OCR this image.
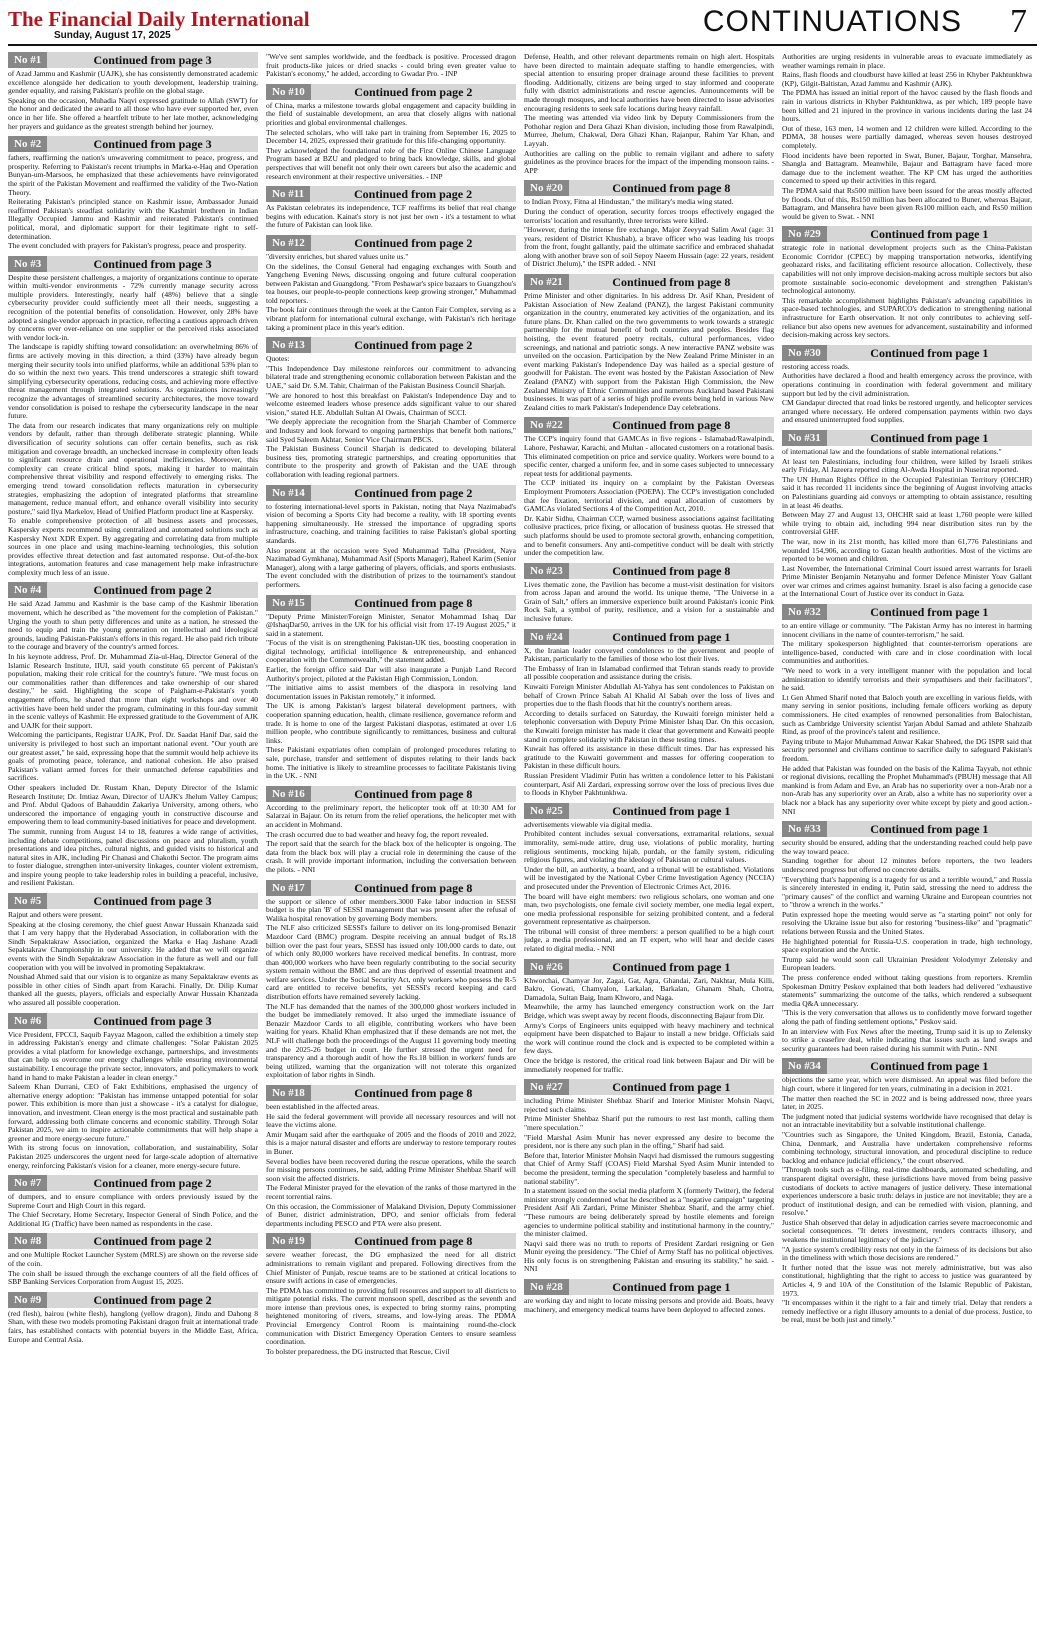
The Financial Daily International
Sunday, August 17, 2025	CONTINUATIONS 7
No #1	Continued from page 3

of Azad Jammu and Kashmir (UAJK), she has consistently demonstrated academic excellence alongside her dedication to youth development, leadership training, gender equality, and raising Pakistan's profile on the global stage.

Speaking on the occasion, Muhadia Naqvi expressed gratitude to Allah (SWT) for the honor and dedicated the award to all those who have ever supported her, even once in her life. She offered a heartfelt tribute to her late mother, acknowledging her prayers and guidance as the greatest strength behind her journey.

No #2	Continued from page 3

fathers, reaffirming the nation's unwavering commitment to peace, progress, and prosperity. Referring to Pakistan's recent triumphs in Marka-e-Haq and Operation Bunyan-um-Marsoos, he emphasized that these achievements have reinvigorated the spirit of the Pakistan Movement and reaffirmed the validity of the Two-Nation Theory.

Reiterating Pakistan's principled stance on Kashmir issue, Ambassador Junaid reaffirmed Pakistan's steadfast solidarity with the Kashmiri brethren in Indian Illegally Occupied Jammu and Kashmir and reiterated Pakistan's continued political, moral, and diplomatic support for their legitimate right to self-determination.

The event concluded with prayers for Pakistan's progress, peace and prosperity.

No #3	Continued from page 3

Despite these persistent challenges, a majority of organizations continue to operate within multi-vendor environments - 72% currently manage security across multiple providers. Interestingly, nearly half (48%) believe that a single cybersecurity provider could sufficiently meet all their needs, suggesting a recognition of the potential benefits of consolidation. However, only 28% have adopted a single-vendor approach in practice, reflecting a cautious approach driven by concerns over over-reliance on one supplier or the perceived risks associated with vendor lock-in.

The landscape is rapidly shifting toward consolidation: an overwhelming 86% of firms are actively moving in this direction, a third (33%) have already begun merging their security tools into unified platforms, while an additional 53% plan to do so within the next two years. This trend underscores a strategic shift toward simplifying cybersecurity operations, reducing costs, and achieving more effective threat management through integrated solutions. As organizations increasingly recognize the advantages of streamlined security architectures, the move toward vendor consolidation is poised to reshape the cybersecurity landscape in the near future.

The data from our research indicates that many organizations rely on multiple vendors by default, rather than through deliberate strategic planning. While diversification of security solutions can offer certain benefits, such as risk mitigation and coverage breadth, an unchecked increase in complexity often leads to significant resource drain and operational inefficiencies. Moreover, this complexity can create critical blind spots, making it harder to maintain comprehensive threat visibility and respond effectively to emerging risks. The emerging trend toward consolidation reflects maturation in cybersecurity strategies, emphasizing the adoption of integrated platforms that streamline management, reduce manual effort, and enhance overall visibility into security posture," said Ilya Markelov, Head of Unified Platform product line at Kaspersky.

To enable comprehensive protection of all business assets and processes, Kaspersky experts recommend using centralized and automated solutions such as Kaspersky Next XDR Expert. By aggregating and correlating data from multiple sources in one place and using machine-learning technologies, this solution provides effective threat detection and fast automated response. Out-of-the-box integrations, automation features and case management help make infrastructure complexity much less of an issue.

No #4	Continued from page 2

He said Azad Jammu and Kashmir is the base camp of the Kashmir liberation movement, which he described as "the movement for the completion of Pakistan." Urging the youth to shun petty differences and unite as a nation, he stressed the need to equip and train the young generation on intellectual and ideological grounds, lauding Pakistan-Pakistan's efforts in this regard. He also paid rich tribute to the courage and bravery of the country's armed forces.

In his keynote address, Prof. Dr. Muhammad Zia-ul-Haq, Director General of the Islamic Research Institute, IIUI, said youth constitute 65 percent of Pakistan's population, making their role critical for the country's future. "We must focus on our commonalities rather than differences and take ownership of our shared destiny," he said. Highlighting the scope of Paigham-e-Pakistan's youth engagement efforts, he shared that more than eight workshops and over 40 activities have been held under the program, culminating in this four-day summit in the scenic valleys of Kashmir. He expressed gratitude to the Government of AJK and UAJK for their support.

Welcoming the participants, Registrar UAJK, Prof. Dr. Saadat Hanif Dar, said the university is privileged to host such an important national event. "Our youth are our greatest asset," he said, expressing hope that the summit would help achieve its goals of promoting peace, tolerance, and national cohesion. He also praised Pakistan's valiant armed forces for their unmatched defense capabilities and sacrifices.

Other speakers included Dr. Rustam Khan, Deputy Director of the Islamic Research Institute; Dr. Imtiaz Awan, Director of UAJK's Jhelum Valley Campus; and Prof. Abdul Qadoos of Bahauddin Zakariya University, among others, who underscored the importance of engaging youth in constructive discourse and empowering them to lead community-based initiatives for peace and development.

The summit, running from August 14 to 18, features a wide range of activities, including debate competitions, panel discussions on peace and pluralism, youth presentations and idea pitches, cultural nights, and guided visits to historical and natural sites in AJK, including Pir Chanasi and Chakothi Sector. The program aims to foster dialogue, strengthen inter-university linkages, counter violent extremism, and inspire young people to take leadership roles in building a peaceful, inclusive, and resilient Pakistan.

No #5	Continued from page 3

Rajput and others were present.

Speaking at the closing ceremony, the chief guest Anwar Hussain Khanzada said that I am very happy that the Hyderabad Association, in collaboration with the Sindh Sepaktakraw Association, organized the Marka e Haq Jashane Azadi Sepaktakraw Championship in our university. He added that we will organize events with the Sindh Sepaktakraw Association in the future as well and our full cooperation with you will be involved in promoting Sepaktakraw.

Noushad Ahmed said that our vision is to organize as many Sepaktakraw events as possible in other cities of Sindh apart from Karachi. Finally, Dr. Dilip Kumar thanked all the guests, players, officials and especially Anwar Hussain Khanzada who assured all possible cooperation.

No #6	Continued from page 3

Vice President, FPCCI, Saquib Fayyaz Magoon, called the exhibition a timely step in addressing Pakistan's energy and climate challenges: "Solar Pakistan 2025 provides a vital platform for knowledge exchange, partnerships, and investments that can help us overcome our energy challenges while ensuring environmental sustainability. I encourage the private sector, innovators, and policymakers to work hand in hand to make Pakistan a leader in clean energy."

Saleem Khan Durrani, CEO of Fakt Exhibitions, emphasised the urgency of alternative energy adoption: "Pakistan has immense untapped potential for solar power. This exhibition is more than just a showcase - it's a catalyst for dialogue, innovation, and investment. Clean energy is the most practical and sustainable path forward, addressing both climate concerns and economic stability. Through Solar Pakistan 2025, we aim to inspire actionable commitments that will help shape a greener and more energy-secure future."

With its strong focus on innovation, collaboration, and sustainability, Solar Pakistan 2025 underscores the urgent need for large-scale adoption of alternative energy, reinforcing Pakistan's vision for a cleaner, more energy-secure future.

No #7	Continued from page 2

of dumpers, and to ensure compliance with orders previously issued by the Supreme Court and High Court in this regard.

The Chief Secretary, Home Secretary, Inspector General of Sindh Police, and the Additional IG (Traffic) have been named as respondents in the case.

No #8	Continued from page 2

and one Multiple Rocket Launcher System (MRLS) are shown on the reverse side of the coin.

The coin shall be issued through the exchange counters of all the field offices of SBP Banking Services Corporation from August 15, 2025.

No #9	Continued from page 2

(red flesh), bairou (white flesh), hanglong (yellow dragon), Jindu and Dahong 8 Shan, with these two models promoting Pakistani dragon fruit at international trade fairs, has established contacts with potential buyers in the Middle East, Africa, Europe and Central Asia.

"We've sent samples worldwide, and the feedback is positive. Processed dragon fruit products-like juices or dried snacks - could bring even greater value to Pakistan's economy," he added, according to Gwadar Pro. - INP

No #10	Continued from page 2

of China, marks a milestone towards global engagement and capacity building in the field of sustainable development, an area that closely aligns with national priorities and global environmental challenges.

The selected scholars, who will take part in training from September 16, 2025 to December 14, 2025, expressed their gratitude for this life-changing opportunity.

They acknowledged the foundational role of the First Online Chinese Language Program based at BZU and pledged to bring back knowledge, skills, and global perspectives that will benefit not only their own careers but also the academic and research environment at their respective universities. - INP

No #11	Continued from page 2

As Pakistan celebrates its independence, TCF reaffirms its belief that real change begins with education. Kainat's story is not just her own - it's a testament to what the future of Pakistan can look like.

No #12	Continued from page 2

"diversity enriches, but shared values unite us."

On the sidelines, the Consul General had engaging exchanges with South and Yangcheng Evening News, discussing ongoing and future cultural cooperation between Pakistan and Guangdong. "From Peshawar's spice bazaars to Guangzhou's tea houses, our people-to-people connections keep growing stronger," Muhammad told reporters.

The book fair continues through the week at the Canton Fair Complex, serving as a vibrant platform for international cultural exchange, with Pakistan's rich heritage taking a prominent place in this year's edition.

No #13	Continued from page 2

Quotes:

"This Independence Day milestone reinforces our commitment to advancing bilateral trade and strengthening economic collaboration between Pakistan and the UAE," said Dr. S.M. Tahir, Chairman of the Pakistan Business Council Sharjah.

"We are honored to host this breakfast on Pakistan's Independence Day and to welcome esteemed leaders whose presence adds significant value to our shared vision," stated H.E. Abdullah Sultan Al Owais, Chairman of SCCI.

"We deeply appreciate the recognition from the Sharjah Chamber of Commerce and Industry and look forward to ongoing partnerships that benefit both nations," said Syed Saleem Akhtar, Senior Vice Chairman PBCS.

The Pakistan Business Council Sharjah is dedicated to developing bilateral business ties, promoting strategic partnerships, and creating opportunities that contribute to the prosperity and growth of Pakistan and the UAE through collaboration with leading regional partners.

No #14	Continued from page 2

to fostering international-level sports in Pakistan, noting that Naya Nazimabad's vision of becoming a Sports City had become a reality, with 18 sporting events happening simultaneously. He stressed the importance of upgrading sports infrastructure, coaching, and training facilities to raise Pakistan's global sporting standards.

Also present at the occasion were Syed Muhammad Talha (President, Naya Nazimabad Gymkhana), Muhammad Asif (Sports Manager), Raheel Karim (Senior Manager), along with a large gathering of players, officials, and sports enthusiasts. The event concluded with the distribution of prizes to the tournament's standout performers.

No #15	Continued from page 8

"Deputy Prime Minister/Foreign Minister, Senator Mohammad Ishaq Dar @IshaqDar50, arrives in the UK for his official visit from 17-19 August 2025," it said in a statement.

"Focus of the visit is on strengthening Pakistan-UK ties, boosting cooperation in digital technology, artificial intelligence & entrepreneurship, and enhanced cooperation with the Commonwealth," the statement added.

Earlier, the foreign office said Dar will also inaugurate a Punjab Land Record Authority's project, piloted at the Pakistan High Commission, London.

"The initiative aims to assist members of the diaspora in resolving land documentation issues in Pakistan remotely," it informed.

The UK is among Pakistan's largest bilateral development partners, with cooperation spanning education, health, climate resilience, governance reform and trade. It is home to one of the largest Pakistani diasporas, estimated at over 1.6 million people, who contribute significantly to remittances, business and cultural links.

These Pakistani expatriates often complain of prolonged procedures relating to sale, purchase, transfer and settlement of disputes relating to their lands back home. The initiative is likely to streamline processes to facilitate Pakistanis living in the UK. - NNI

No #16	Continued from page 8

According to the preliminary report, the helicopter took off at 10:30 AM for Salarzai in Bajaur. On its return from the relief operations, the helicopter met with an accident in Mohmand.

The crash occurred due to bad weather and heavy fog, the report revealed.

The report said that the search for the black box of the helicopter is ongoing. The data from the black box will play a crucial role in determining the cause of the crash. It will provide important information, including the conversation between the pilots. - NNI

No #17	Continued from page 8

the support or silence of other members.3000 Fake labor induction in SESSI budget is the plan 'B' of SESSI management that was present after the refusal of Walika hospital renovation by governing Body members.

The NLF also criticized SESSI's failure to deliver on its long-promised Benazir Mazdoor Card (BMC) program. Despite receiving an annual budget of Rs.18 billion over the past four years, SESSI has issued only 100,000 cards to date, out of which only 80,000 workers have received medical benefits. In contrast, more than 400,000 workers who have been regularly contributing to the social security system remain without the BMC and are thus deprived of essential treatment and welfare services. Under the Social Security Act, only workers who possess the R-5 card are entitled to receive benefits, yet SESSI's record keeping and card distribution efforts have remained severely lacking.

The NLF has demanded that the names of the 300,000 ghost workers included in the budget be immediately removed. It also urged the immediate issuance of Benazir Mazdoor Cards to all eligible, contributing workers who have been waiting for years. Khalid Khan emphasized that if these demands are not met, the NLF will challenge both the proceedings of the August 11 governing body meeting and the 2025-26 budget in court. He further stressed the urgent need for transparency and a thorough audit of how the Rs.18 billion in workers' funds are being utilized, warning that the organization will not tolerate this organized exploitation of labor rights in Sindh.

No #18	Continued from page 8

been established in the affected areas.

He said the federal government will provide all necessary resources and will not leave the victims alone.

Amir Muqam said after the earthquake of 2005 and the floods of 2010 and 2022, this is a major natural disaster and efforts are underway to restore temporary routes in Buner.

Several bodies have been recovered during the rescue operations, while the search for missing persons continues, he said, adding Prime Minister Shehbaz Sharif will soon visit the affected districts.

The Federal Minister prayed for the elevation of the ranks of those martyred in the recent torrential rains.

On this occasion, the Commissioner of Malakand Division, Deputy Commissioner of Buner, district administration, DPO, and senior officials from federal departments including PESCO and PTA were also present.

No #19	Continued from page 8

severe weather forecast, the DG emphasized the need for all district administrations to remain vigilant and prepared. Following directives from the Chief Minister of Punjab, rescue teams are to be stationed at critical locations to ensure swift actions in case of emergencies.

The PDMA has committed to providing full resources and support to all districts to mitigate potential risks. The current monsoon spell, described as the seventh and more intense than previous ones, is expected to bring stormy rains, prompting heightened monitoring of rivers, streams, and low-lying areas. The PDMA Provincial Emergency Control Room is maintaining round-the-clock communication with District Emergency Operation Centers to ensure seamless coordination.

To bolster preparedness, the DG instructed that Rescue, Civil

Defense, Health, and other relevant departments remain on high alert. Hospitals have been directed to maintain adequate staffing to handle emergencies, with special attention to ensuring proper drainage around these facilities to prevent flooding. Additionally, citizens are being urged to stay informed and cooperate fully with district administrations and rescue agencies. Announcements will be made through mosques, and local authorities have been directed to issue advisories encouraging residents to seek safe locations during heavy rainfall.

The meeting was attended via video link by Deputy Commissioners from the Pothohar region and Dera Ghazi Khan division, including those from Rawalpindi, Murree, Jhelum, Chakwal, Dera Ghazi Khan, Rajanpur, Rahim Yar Khan, and Layyah.

Authorities are calling on the public to remain vigilant and adhere to safety guidelines as the province braces for the impact of the impending monsoon rains. - APP

No #20	Continued from page 8

to Indian Proxy, Fitna al Hindustan," the military's media wing stated.

During the conduct of operation, security forces troops effectively engaged the terrorists' location and resultantly, three terrorists were killed.

"However, during the intense fire exchange, Major Zeeyyad Salim Awal (age: 31 years, resident of District Khushab), a brave officer who was leading his troops from the front, fought gallantly, paid the ultimate sacrifice and embraced shahadat along with another brave son of soil Sepoy Naeem Hussain (age: 22 years, resident of District Jhelum)," the ISPR added. - NNI

No #21	Continued from page 8

Prime Minister and other dignitaries. In his address Dr. Asif Khan, President of Pakistan Association of New Zealand (PANZ), the largest Pakistani community organization in the country, enumerated key activities of the organization, and its future plans. Dr. Khan called on the two governments to work towards a strategic partnership for the mutual benefit of both countries and peoples. Besides flag hoisting, the event featured poetry recitals, cultural performances, video screenings, and national and patriotic songs. A new interactive PANZ website was unveiled on the occasion. Participation by the New Zealand Prime Minister in an event marking Pakistan's Independence Day was hailed as a special gesture of goodwill for Pakistan. The event was hosted by the Pakistan Association of New Zealand (PANZ) with support from the Pakistan High Commission, the New Zealand Ministry of Ethnic Communities and numerous Auckland based Pakistani businesses. It was part of a series of high profile events being held in various New Zealand cities to mark Pakistan's Independence Day celebrations.

No #22	Continued from page 8

The CCP's inquiry found that GAMCAs in five regions - Islamabad/Rawalpindi, Lahore, Peshawar, Karachi, and Multan - allocated customers on a rotational basis. This eliminated competition on price and service quality. Workers were bound to a specific center, charged a uniform fee, and in some cases subjected to unnecessary repeat tests for additional payments.

The CCP initiated its inquiry on a complaint by the Pakistan Overseas Employment Promoters Association (POEPA). The CCP's investigation concluded that fee fixation, territorial division, and equal allocation of customers by GAMCAs violated Sections 4 of the Competition Act, 2010.

Dr. Kabir Sidhu, Chairman CCP, warned business associations against facilitating collusive practices, price fixing, or allocation of business quotas. He stressed that such platforms should be used to promote sectoral growth, enhancing competition, and to benefit consumers. Any anti-competitive conduct will be dealt with strictly under the competition law.

No #23	Continued from page 8

Lives thematic zone, the Pavilion has become a must-visit destination for visitors from across Japan and around the world. Its unique theme, "The Universe in a Grain of Salt," offers an immersive experience built around Pakistan's iconic Pink Rock Salt, a symbol of purity, resilience, and a vision for a sustainable and inclusive future.

No #24	Continued from page 1

X, the Iranian leader conveyed condolences to the government and people of Pakistan, particularly to the families of those who lost their lives.

The Embassy of Iran in Islamabad confirmed that Tehran stands ready to provide all possible cooperation and assistance during the crisis.

Kuwaiti Foreign Minister Abdullah Al-Yahya has sent condolences to Pakistan on behalf of Crown Prince Sabah Al Khalid Al Sabah over the loss of lives and properties due to the flash floods that hit the country's northern areas.

According to details surfaced on Saturday, the Kuwaiti foreign minister held a telephonic conversation with Deputy Prime Minister Ishaq Dar. On this occasion, the Kuwaiti foreign minister has made it clear that government and Kuwaiti people stand in complete solidarity with Pakistan in these testing times.

Kuwait has offered its assistance in these difficult times. Dar has expressed his gratitude to the Kuwaiti government and masses for offering cooperation to Pakistan in these difficult hours.

Russian President Vladimir Putin has written a condolence letter to his Pakistani counterpart, Asif Ali Zardari, expressing sorrow over the loss of precious lives due to floods in Khyber Pakhtunkhwa.

No #25	Continued from page 1

advertisements viewable via digital media.

Prohibited content includes sexual conversations, extramarital relations, sexual immorality, semi-nude attire, drug use, violations of public morality, hurting religious sentiments, mocking hijab, purdah, or the family system, ridiculing religious figures, and violating the ideology of Pakistan or cultural values.

Under the bill, an authority, a board, and a tribunal will be established. Violations will be investigated by the National Cyber Crime Investigation Agency (NCCIA) and prosecuted under the Prevention of Electronic Crimes Act, 2016.

The board will have eight members: two religious scholars, one woman and one man, two psychologists, one female civil society member, one media legal expert, one media professional responsible for seizing prohibited content, and a federal government representative as chairperson.

The tribunal will consist of three members: a person qualified to be a high court judge, a media professional, and an IT expert, who will hear and decide cases related to digital media. - NNI

No #26	Continued from page 1

Khworchai, Chamyar Jor, Zagai, Gat, Agra, Ghandai, Zari, Nakhtar, Mula Killi, Bakro, Gowati, Chamyalon, Larkalan, Barkalan, Ghanam Shah, Chotra, Damadola, Sultan Baig, Inam Khworo, and Naga.

Meanwhile, the army has launched emergency construction work on the Jarr Bridge, which was swept away by recent floods, disconnecting Bajaur from Dir.

Army's Corps of Engineers units equipped with heavy machinery and technical equipment have been dispatched to Bajaur to install a new bridge. Officials said the work will continue round the clock and is expected to be completed within a few days.

Once the bridge is restored, the critical road link between Bajaur and Dir will be immediately reopened for traffic.

No #27	Continued from page 1

including Prime Minister Shehbaz Sharif and Interior Minister Mohsin Naqvi, rejected such claims.

Prime Minister Shehbaz Sharif put the rumours to rest last month, calling them "mere speculation."

"Field Marshal Asim Munir has never expressed any desire to become the president, nor is there any such plan in the offing," Sharif had said.

Before that, Interior Minister Mohsin Naqvi had dismissed the rumours suggesting that Chief of Army Staff (COAS) Field Marshal Syed Asim Munir intended to become the president, terming the speculation "completely baseless and harmful to national stability".

In a statement issued on the social media platform X (formerly Twitter), the federal minister strongly condemned what he described as a "negative campaign" targeting President Asif Ali Zardari, Prime Minister Shehbaz Sharif, and the army chief. "These rumours are being deliberately spread by hostile elements and foreign agencies to undermine political stability and institutional harmony in the country," the minister claimed.

Naqvi said there was no truth to reports of President Zardari resigning or Gen Munir eyeing the presidency. "The Chief of Army Staff has no political objectives. His only focus is on strengthening Pakistan and ensuring its stability," he said. - NNI

No #28	Continued from page 1

are working day and night to locate missing persons and provide aid. Boats, heavy machinery, and emergency medical teams have been deployed to affected zones.

Authorities are urging residents in vulnerable areas to evacuate immediately as weather warnings remain in place.

Rains, flash floods and cloudburst have killed at least 256 in Khyber Pakhtunkhwa (KP), Gilgit-Baltistan, Azad Jammu and Kashmir (AJK).

The PDMA has issued an initial report of the havoc caused by the flash floods and rain in various districts in Khyber Pakhtunkhwa, as per which, 189 people have been killed and 21 injured in the province in various incidents during the last 24 hours.

Out of these, 163 men, 14 women and 12 children were killed. According to the PDMA, 38 houses were partially damaged, whereas seven houses destroyed completely.

Flood incidents have been reported in Swat, Buner, Bajaur, Torghar, Mansehra, Shangla and Battagram. Meanwhile, Bajaur and Battagram have faced more damage due to the inclement weather. The KP CM has urged the authorities concerned to speed up their activities in this regard.

The PDMA said that Rs500 million have been issued for the areas mostly affected by floods. Out of this, Rs150 million has been allocated to Buner, whereas Bajaur, Battagram, and Mansehra have been given Rs100 million each, and Rs50 million would be given to Swat. - NNI

No #29	Continued from page 1

strategic role in national development projects such as the China-Pakistan Economic Corridor (CPEC) by mapping transportation networks, identifying geohazard risks, and facilitating efficient resource allocation. Collectively, these capabilities will not only improve decision-making across multiple sectors but also promote sustainable socio-economic development and strengthen Pakistan's technological autonomy.

This remarkable accomplishment highlights Pakistan's advancing capabilities in space-based technologies, and SUPARCO's dedication to strengthening national infrastructure for Earth observation. It not only contributes to achieving self-reliance but also opens new avenues for advancement, sustainability and informed decision-making across key sectors.

No #30	Continued from page 1

restoring access roads.

Authorities have declared a flood and health emergency across the province, with operations continuing in coordination with federal government and military support but led by the civil administration.

CM Gandapur directed that road links be restored urgently, and helicopter services arranged where necessary. He ordered compensation payments within two days and ensured uninterrupted food supplies.

No #31	Continued from page 1

of international law and the foundations of stable international relations."

At least ten Palestinians, including four children, were killed by Israeli strikes early Friday, Al Jazeera reported citing Al-Awda Hospital in Nuseirat reported.

The UN Human Rights Office in the Occupied Palestinian Territory (OHCHR) said it has recorded 11 incidents since the beginning of August involving attacks on Palestinians guarding aid convoys or attempting to obtain assistance, resulting in at least 46 deaths.

Between May 27 and August 13, OHCHR said at least 1,760 people were killed while trying to obtain aid, including 994 near distribution sites run by the controversial GHF.

The war, now in its 21st month, has killed more than 61,776 Palestinians and wounded 154,906, according to Gazan health authorities. Most of the victims are reported to be women and children.

Last November, the International Criminal Court issued arrest warrants for Israeli Prime Minister Benjamin Netanyahu and former Defence Minister Yoav Gallant over war crimes and crimes against humanity. Israel is also facing a genocide case at the International Court of Justice over its conduct in Gaza.

No #32	Continued from page 1

to an entire village or community. "The Pakistan Army has no interest in harming innocent civilians in the name of counter-terrorism," he said.

The military spokesperson highlighted that counter-terrorism operations are intelligence-based, conducted with care and in close coordination with local communities and authorities.

"We need to work in a very intelligent manner with the population and local administration to identify terrorists and their sympathisers and their facilitators", he said.

Lt Gen Ahmed Sharif noted that Baloch youth are excelling in various fields, with many serving in senior positions, including female officers working as deputy commissioners. He cited examples of renowned personalities from Balochistan, such as Cambridge University scientist Yarjan Abdul Samad and athlete Shahzaib Rind, as proof of the province's talent and resilience.

Paying tribute to Major Muhammad Anwar Kakar Shaheed, the DG ISPR said that security personnel and civilians continue to sacrifice daily to safeguard Pakistan's freedom.

He added that Pakistan was founded on the basis of the Kalima Tayyab, not ethnic or regional divisions, recalling the Prophet Muhammad's (PBUH) message that All mankind is from Adam and Eve, an Arab has no superiority over a non-Arab nor a non-Arab has any superiority over an Arab, also a white has no superiority over a black nor a black has any superiority over white except by piety and good action.- NNI

No #33	Continued from page 1

security should be ensured, adding that the understanding reached could help pave the way toward peace.

Standing together for about 12 minutes before reporters, the two leaders underscored progress but offered no concrete details.

"Everything that's happening is a tragedy for us and a terrible wound," and Russia is sincerely interested in ending it, Putin said, stressing the need to address the "primary causes" of the conflict and warning Ukraine and European countries not to "throw a wrench in the works."

Putin expressed hope the meeting would serve as "a starting point" not only for resolving the Ukraine issue but also for restoring "business-like" and "pragmatic" relations between Russia and the United States.

He highlighted potential for Russia-U.S. cooperation in trade, high technology, space exploration and the Arctic.

Trump said he would soon call Ukrainian President Volodymyr Zelensky and European leaders.

The press conference ended without taking questions from reporters. Kremlin Spokesman Dmitry Peskov explained that both leaders had delivered "exhaustive statements" summarizing the outcome of the talks, which rendered a subsequent media Q&A unnecessary.

"This is the very conversation that allows us to confidently move forward together along the path of finding settlement options," Peskov said.

In an interview with Fox News after the meeting, Trump said it is up to Zelensky to strike a ceasefire deal, while indicating that issues such as land swaps and security guarantees had been raised during his summit with Putin.- NNI

No #34	Continued from page 1

objections the same year, which were dismissed. An appeal was filed before the high court, where it lingered for ten years, culminating in a decision in 2021.

The matter then reached the SC in 2022 and is being addressed now, three years later, in 2025.

The judgment noted that judicial systems worldwide have recognised that delay is not an intractable inevitability but a solvable institutional challenge.

"Countries such as Singapore, the United Kingdom, Brazil, Estonia, Canada, China, Denmark, and Australia have undertaken comprehensive reforms combining technology, structural innovation, and procedural discipline to reduce backlog and enhance judicial efficiency," the court observed.

"Through tools such as e-filing, real-time dashboards, automated scheduling, and transparent digital oversight, these jurisdictions have moved from being passive custodians of dockets to active managers of justice delivery. These international experiences underscore a basic truth: delays in justice are not inevitable; they are a product of institutional design, and can be remedied with vision, planning, and resolve."

Justice Shah observed that delay in adjudication carries severe macroeconomic and societal consequences. "It deters investment, renders contracts illusory, and weakens the institutional legitimacy of the judiciary."

"A justice system's credibility rests not only in the fairness of its decisions but also in the timeliness with which those decisions are rendered."

It further noted that the issue was not merely administrative, but was also constitutional, highlighting that the right to access to justice was guaranteed by Articles 4, 9 and 10A of the Constitution of the Islamic Republic of Pakistan, 1973.

"It encompasses within it the right to a fair and timely trial. Delay that renders a remedy ineffective or a right illusory amounts to a denial of due process. Justice, to be real, must be both just and timely."
